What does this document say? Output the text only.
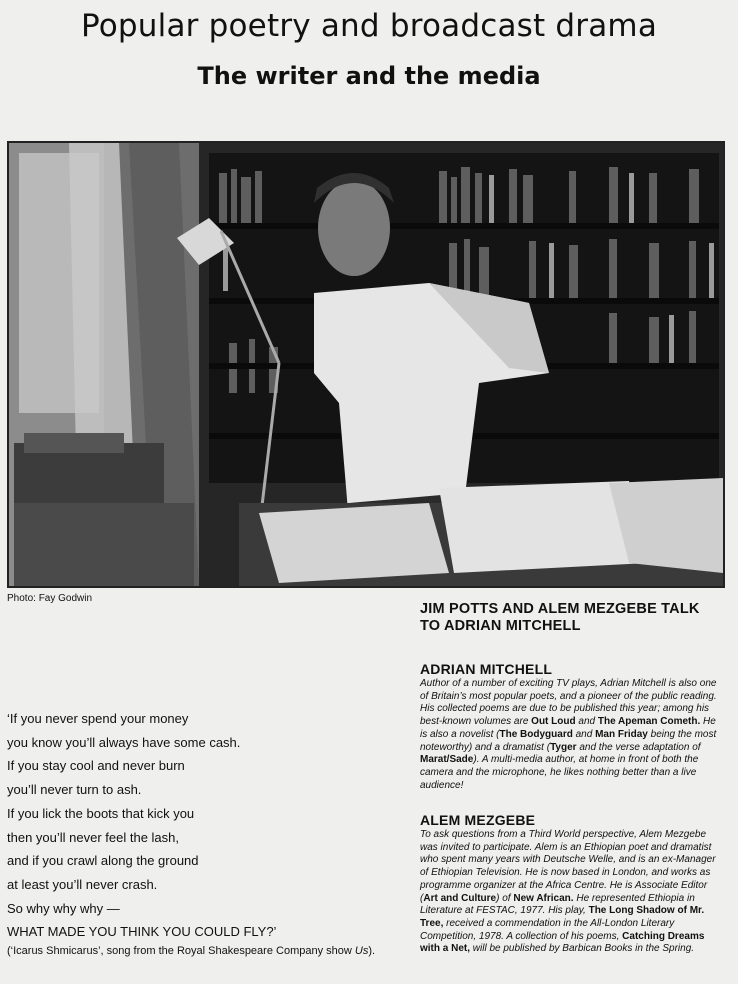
Popular poetry and broadcast drama
The writer and the media
Photo: Fay Godwin
JIM POTTS AND ALEM MEZGEBE TALK TO ADRIAN MITCHELL
‘If you never spend your money
you know you’ll always have some cash.
If you stay cool and never burn
you’ll never turn to ash.
If you lick the boots that kick you
then you’ll never feel the lash,
and if you crawl along the ground
at least you’ll never crash.
So why why why —
WHAT MADE YOU THINK YOU COULD FLY?’
(‘Icarus Shmicarus’, song from the Royal Shakespeare Company show Us).
ADRIAN MITCHELL

Author of a number of exciting TV plays, Adrian Mitchell is also one of Britain’s most popular poets, and a pioneer of the public reading. His collected poems are due to be published this year; among his best-known volumes are Out Loud and The Apeman Cometh. He is also a novelist (The Bodyguard and Man Friday being the most noteworthy) and a dramatist (Tyger and the verse adaptation of Marat/Sade). A multi-media author, at home in front of both the camera and the microphone, he likes nothing better than a live audience!

ALEM MEZGEBE

To ask questions from a Third World perspective, Alem Mezgebe was invited to participate. Alem is an Ethiopian poet and dramatist who spent many years with Deutsche Welle, and is an ex-Manager of Ethiopian Television. He is now based in London, and works as programme organizer at the Africa Centre. He is Associate Editor (Art and Culture) of New African. He represented Ethiopia in Literature at FESTAC, 1977. His play, The Long Shadow of Mr. Tree, received a commendation in the All-London Literary Competition, 1978. A collection of his poems, Catching Dreams with a Net, will be published by Barbican Books in the Spring.
